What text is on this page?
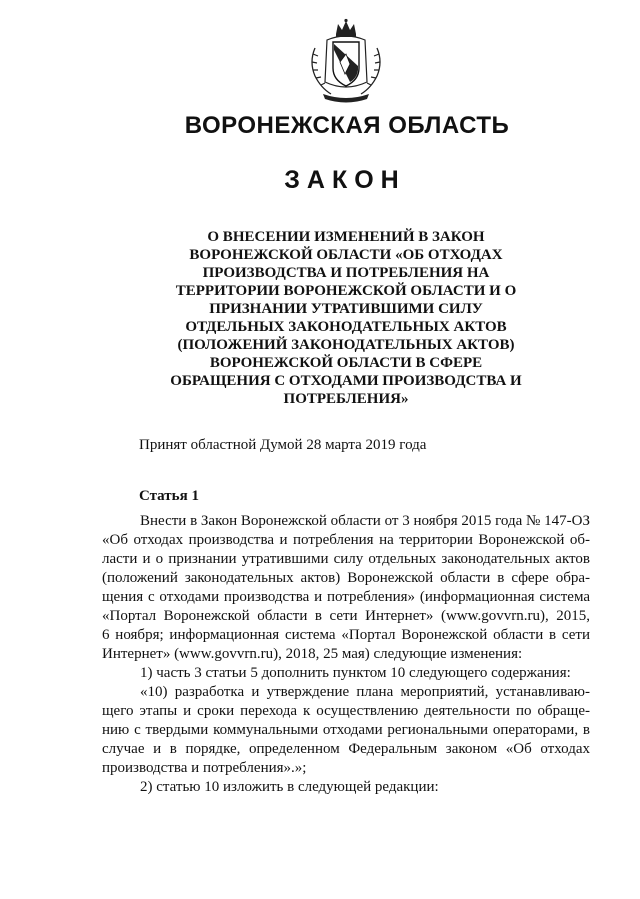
ВОРОНЕЖСКАЯ ОБЛАСТЬ
ЗАКОН
О ВНЕСЕНИИ ИЗМЕНЕНИЙ В ЗАКОН
ВОРОНЕЖСКОЙ ОБЛАСТИ «ОБ ОТХОДАХ
ПРОИЗВОДСТВА И ПОТРЕБЛЕНИЯ НА
ТЕРРИТОРИИ ВОРОНЕЖСКОЙ ОБЛАСТИ И О
ПРИЗНАНИИ УТРАТИВШИМИ СИЛУ
ОТДЕЛЬНЫХ ЗАКОНОДАТЕЛЬНЫХ АКТОВ
(ПОЛОЖЕНИЙ ЗАКОНОДАТЕЛЬНЫХ АКТОВ)
ВОРОНЕЖСКОЙ ОБЛАСТИ В СФЕРЕ
ОБРАЩЕНИЯ С ОТХОДАМИ ПРОИЗВОДСТВА И
ПОТРЕБЛЕНИЯ»
Принят областной Думой 28 марта 2019 года
Статья 1
Внести в Закон Воронежской области от 3 ноября 2015 года № 147-ОЗ
«Об отходах производства и потребления на территории Воронежской об-
ласти и о признании утратившими силу отдельных законодательных актов
(положений законодательных актов) Воронежской области в сфере обра-
щения с отходами производства и потребления» (информационная система
«Портал Воронежской области в сети Интернет» (www.govvrn.ru), 2015,
6 ноября; информационная система «Портал Воронежской области в сети
Интернет» (www.govvrn.ru), 2018, 25 мая) следующие изменения:
1) часть 3 статьи 5 дополнить пунктом 10 следующего содержания:
«10) разработка и утверждение плана мероприятий, устанавливаю-
щего этапы и сроки перехода к осуществлению деятельности по обраще-
нию с твердыми коммунальными отходами региональными операторами, в
случае и в порядке, определенном Федеральным законом «Об отходах
производства и потребления».»;
2) статью 10 изложить в следующей редакции:
